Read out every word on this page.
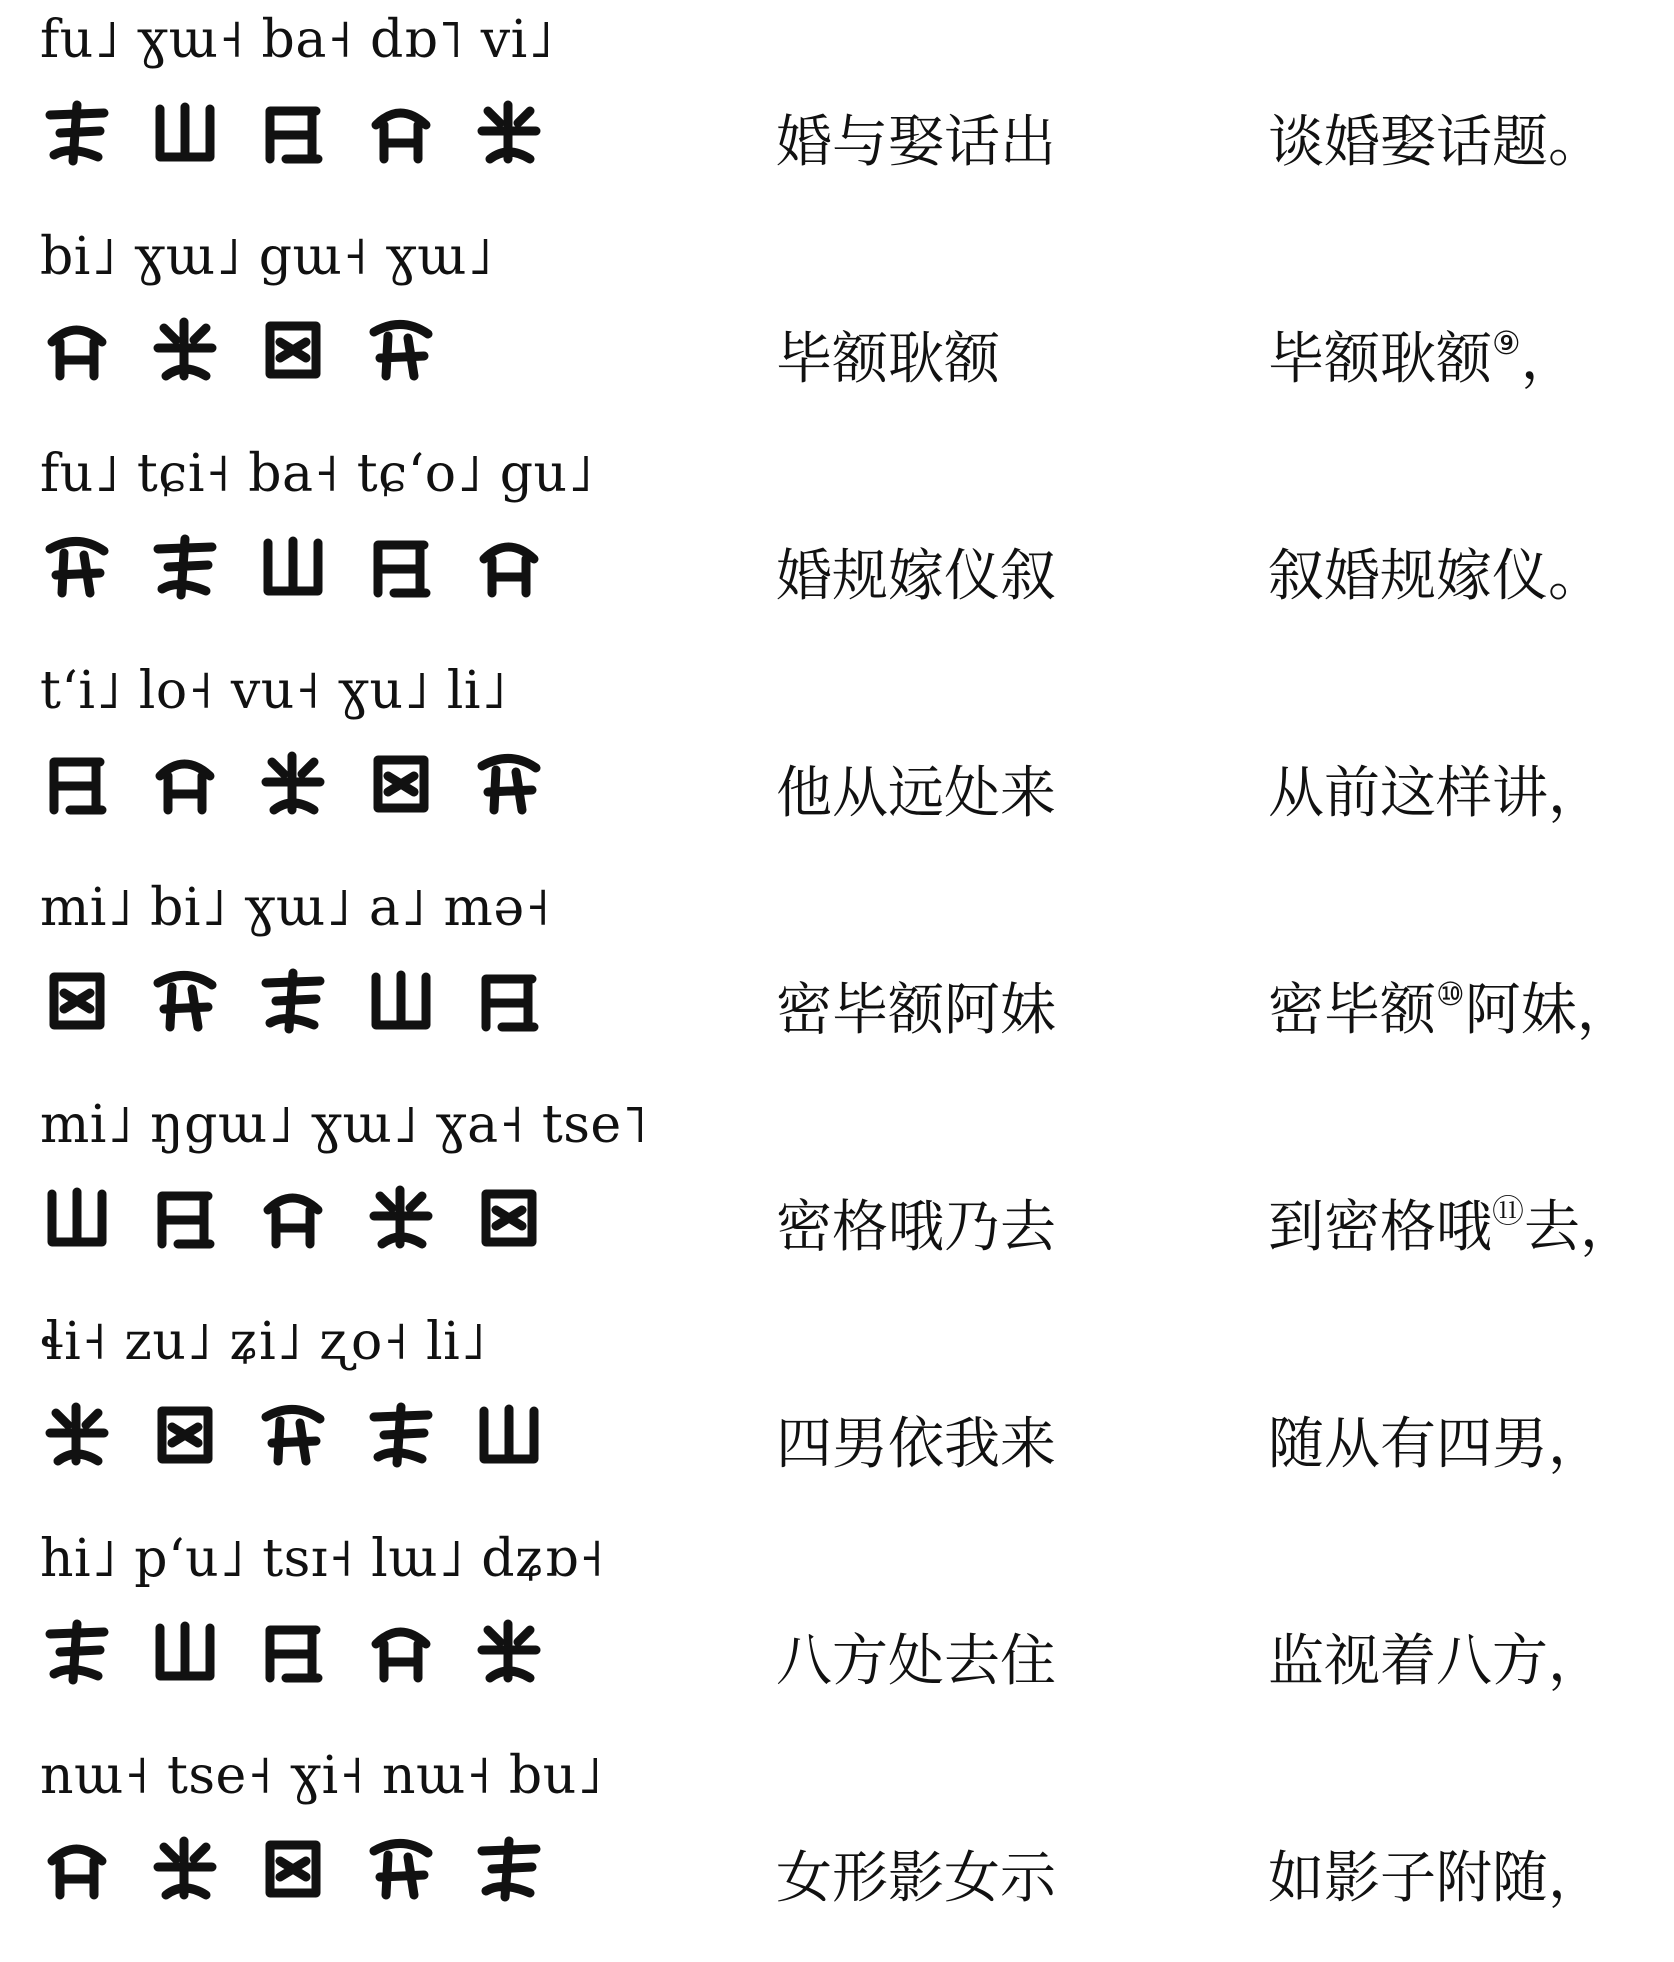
fu˩ ɣɯ˧ ba˧ dɒ˥ vi˩
婚与娶话出	谈婚娶话题。
bi˩ ɣɯ˩ gɯ˧ ɣɯ˩
毕额耿额	毕额耿额⑨，
fu˩ tɕi˧ ba˧ tɕʻo˩ gu˩
婚规嫁仪叙	叙婚规嫁仪。
tʻi˩ lo˧ vu˧ ɣu˩ li˩
他从远处来	从前这样讲，
mi˩ bi˩ ɣɯ˩ a˩ mə˧
密毕额阿妹	密毕额⑩阿妹，
mi˩ ŋgɯ˩ ɣɯ˩ ɣa˧ tse˥
密格哦乃去	到密格哦⑪去，
ɬi˧ zu˩ ʑi˩ ʐo˧ li˩
四男依我来	随从有四男，
hi˩ pʻu˩ tsɪ˧ lɯ˩ dʑɒ˧
八方处去住	监视着八方，
nɯ˧ tse˧ ɣi˧ nɯ˧ bu˩
女形影女示	如影子附随，
